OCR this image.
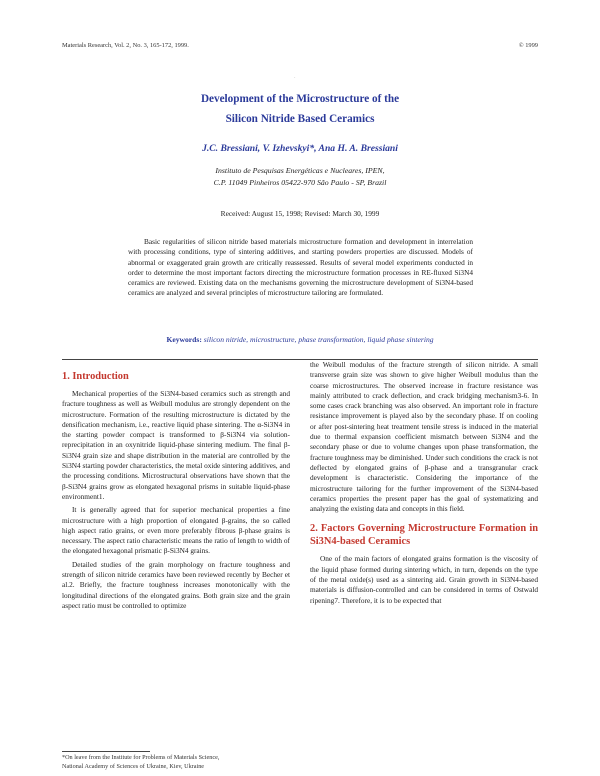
Materials Research, Vol. 2, No. 3, 165-172, 1999.	© 1999
·
Development of the Microstructure of the
Silicon Nitride Based Ceramics
J.C. Bressiani, V. Izhevskyi*, Ana H. A. Bressiani
Instituto de Pesquisas Energéticas e Nucleares, IPEN,
C.P. 11049 Pinheiros 05422-970 São Paulo - SP, Brazil
Received: August 15, 1998; Revised: March 30, 1999

Basic regularities of silicon nitride based materials microstructure formation and development in interrelation with processing conditions, type of sintering additives, and starting powders properties are discussed. Models of abnormal or exaggerated grain growth are critically reassessed. Results of several model experiments conducted in order to determine the most important factors directing the microstructure formation processes in RE-fluxed Si3N4 ceramics are reviewed. Existing data on the mechanisms governing the microstructure development of Si3N4-based ceramics are analyzed and several principles of microstructure tailoring are formulated.

Keywords: silicon nitride, microstructure, phase transformation, liquid phase sintering
1. Introduction

Mechanical properties of the Si3N4-based ceramics such as strength and fracture toughness as well as Weibull modulus are strongly dependent on the microstructure. Formation of the resulting microstructure is dictated by the densification mechanism, i.e., reactive liquid phase sintering. The α-Si3N4 in the starting powder compact is transformed to β-Si3N4 via solution-reprecipitation in an oxynitride liquid-phase sintering medium. The final β-Si3N4 grain size and shape distribution in the material are controlled by the Si3N4 starting powder characteristics, the metal oxide sintering additives, and the processing conditions. Microstructural observations have shown that the β-Si3N4 grains grow as elongated hexagonal prisms in suitable liquid-phase environment1.

It is generally agreed that for superior mechanical properties a fine microstructure with a high proportion of elongated β-grains, the so called high aspect ratio grains, or even more preferably fibrous β-phase grains is necessary. The aspect ratio characteristic means the ratio of length to width of the elongated hexagonal prismatic β-Si3N4 grains.

Detailed studies of the grain morphology on fracture toughness and strength of silicon nitride ceramics have been reviewed recently by Becher et al.2. Briefly, the fracture toughness increases monotonically with the longitudinal directions of the elongated grains. Both grain size and the grain aspect ratio must be controlled to optimize

the Weibull modulus of the fracture strength of silicon nitride. A small transverse grain size was shown to give higher Weibull modulus than the coarse microstructures. The observed increase in fracture resistance was mainly attributed to crack deflection, and crack bridging mechanism3-6. In some cases crack branching was also observed. An important role in fracture resistance improvement is played also by the secondary phase. If on cooling or after post-sintering heat treatment tensile stress is induced in the material due to thermal expansion coefficient mismatch between Si3N4 and the secondary phase or due to volume changes upon phase transformation, the fracture toughness may be diminished. Under such conditions the crack is not deflected by elongated grains of β-phase and a transgranular crack development is characteristic. Considering the importance of the microstructure tailoring for the further improvement of the Si3N4-based ceramics properties the present paper has the goal of systematizing and analyzing the existing data and concepts in this field.

2. Factors Governing Microstructure Formation in Si3N4-based Ceramics

One of the main factors of elongated grains formation is the viscosity of the liquid phase formed during sintering which, in turn, depends on the type of the metal oxide(s) used as a sintering aid. Grain growth in Si3N4-based materials is diffusion-controlled and can be considered in terms of Ostwald ripening7. Therefore, it is to be expected that

*On leave from the Institute for Problems of Materials Science,
National Academy of Sciences of Ukraine, Kiev, Ukraine
